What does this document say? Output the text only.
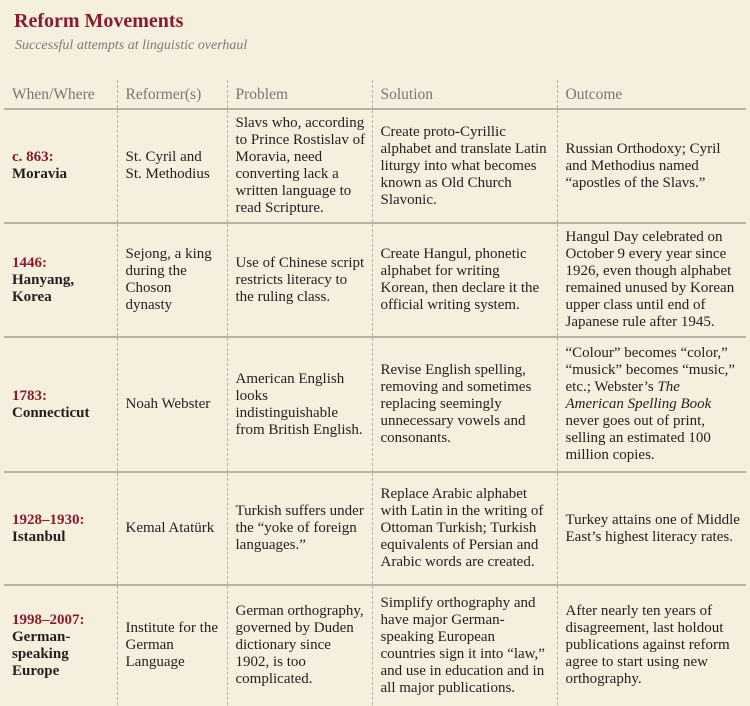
Reform Movements

Successful attempts at linguistic overhaul

When/Where	Reformer(s)	Problem	Solution	Outcome

c. 863:
Moravia	St. Cyril and St. Methodius	Slavs who, according to Prince Rostislav of Moravia, need converting lack a written language to read Scripture.	Create proto-Cyrillic alphabet and translate Latin liturgy into what becomes known as Old Church Slavonic.	Russian Orthodoxy; Cyril and Methodius named “apostles of the Slavs.”

1446:
Hanyang, Korea	Sejong, a king during the Choson dynasty	Use of Chinese script restricts literacy to the ruling class.	Create Hangul, phonetic alphabet for writing Korean, then declare it the official writing system.	Hangul Day celebrated on October 9 every year since 1926, even though alphabet remained unused by Korean upper class until end of Japanese rule after 1945.

1783:
Connecticut	Noah Webster	American English looks indistinguishable from British English.	Revise English spelling, removing and sometimes replacing seemingly unnecessary vowels and consonants.	“Colour” becomes “color,” “musick” becomes “music,” etc.; Webster’s The American Spelling Book never goes out of print, selling an estimated 100 million copies.

1928–1930:
Istanbul	Kemal Atatürk	Turkish suffers under the “yoke of foreign languages.”	Replace Arabic alphabet with Latin in the writing of Ottoman Turkish; Turkish equivalents of Persian and Arabic words are created.	Turkey attains one of Middle East’s highest literacy rates.

1998–2007:
German-speaking Europe	Institute for the German Language	German orthography, governed by Duden dictionary since 1902, is too complicated.	Simplify orthography and have major German-speaking European countries sign it into “law,” and use in education and in all major publications.	After nearly ten years of disagreement, last holdout publications against reform agree to start using new orthography.
